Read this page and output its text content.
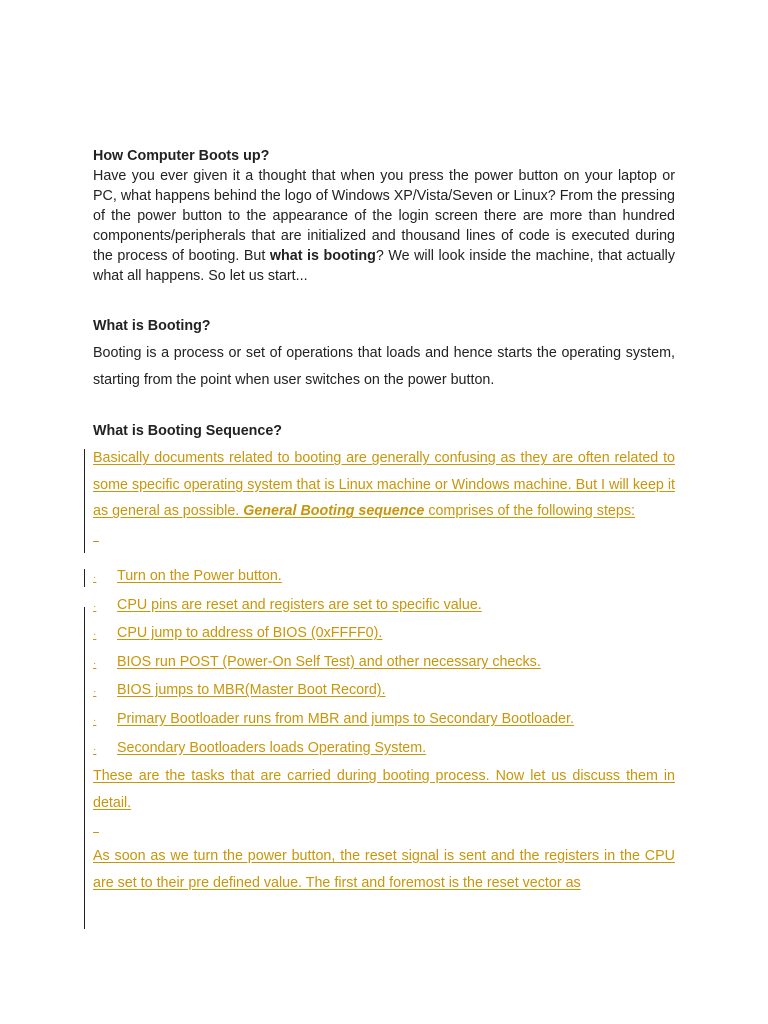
How Computer Boots up?

Have you ever given it a thought that when you press the power button on your laptop or PC, what happens behind the logo of Windows XP/Vista/Seven or Linux? From the pressing of the power button to the appearance of the login screen there are more than hundred components/peripherals that are initialized and thousand lines of code is executed during the process of booting. But what is booting? We will look inside the machine, that actually what all happens. So let us start...

What is Booting?

Booting is a process or set of operations that loads and hence starts the operating system, starting from the point when user switches on the power button.

What is Booting Sequence?

Basically documents related to booting are generally confusing as they are often related to some specific operating system that is Linux machine or Windows machine. But I will keep it as general as possible. General Booting sequence comprises of the following steps:

· Turn on the Power button.

· CPU pins are reset and registers are set to specific value.

· CPU jump to address of BIOS (0xFFFF0).

· BIOS run POST (Power-On Self Test) and other necessary checks.

· BIOS jumps to MBR(Master Boot Record).

· Primary Bootloader runs from MBR and jumps to Secondary Bootloader.

· Secondary Bootloaders loads Operating System.

These are the tasks that are carried during booting process. Now let us discuss them in detail.

As soon as we turn the power button, the reset signal is sent and the registers in the CPU are set to their pre defined value. The first and foremost is the reset vector as
